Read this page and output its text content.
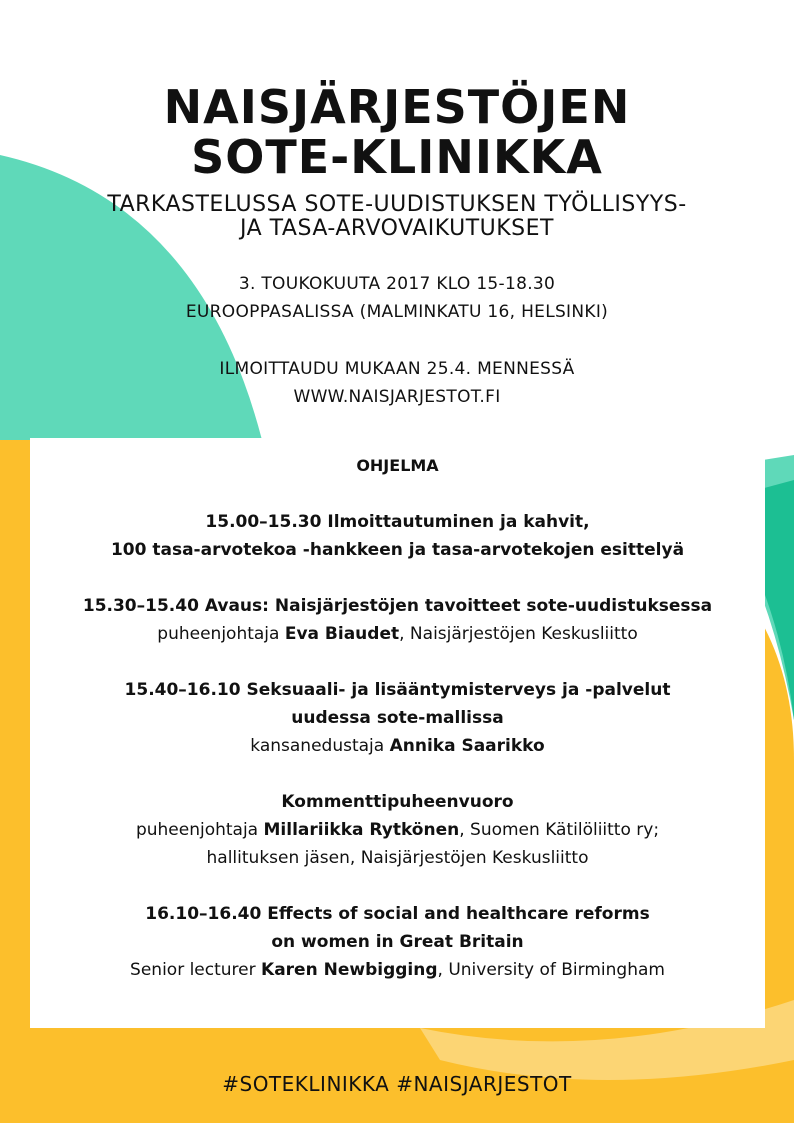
NAISJÄRJESTÖJEN
SOTE-KLINIKKA
TARKASTELUSSA SOTE-UUDISTUKSEN TYÖLLISYYS-
JA TASA-ARVOVAIKUTUKSET
3. TOUKOKUUTA 2017 KLO 15-18.30
EUROOPPASALISSA (MALMINKATU 16, HELSINKI)
ILMOITTAUDU MUKAAN 25.4. MENNESSÄ
WWW.NAISJARJESTOT.FI
OHJELMA
15.00–15.30 Ilmoittautuminen ja kahvit,
100 tasa-arvotekoa -hankkeen ja tasa-arvotekojen esittelyä
15.30–15.40 Avaus: Naisjärjestöjen tavoitteet sote-uudistuksessa
puheenjohtaja Eva Biaudet, Naisjärjestöjen Keskusliitto
15.40–16.10 Seksuaali- ja lisääntymisterveys ja -palvelut
uudessa sote-mallissa
kansanedustaja Annika Saarikko
Kommenttipuheenvuoro
puheenjohtaja Millariikka Rytkönen, Suomen Kätilöliitto ry;
hallituksen jäsen, Naisjärjestöjen Keskusliitto
16.10–16.40 Effects of social and healthcare reforms
on women in Great Britain
Senior lecturer Karen Newbigging, University of Birmingham
#SOTEKLINIKKA #NAISJARJESTOT
